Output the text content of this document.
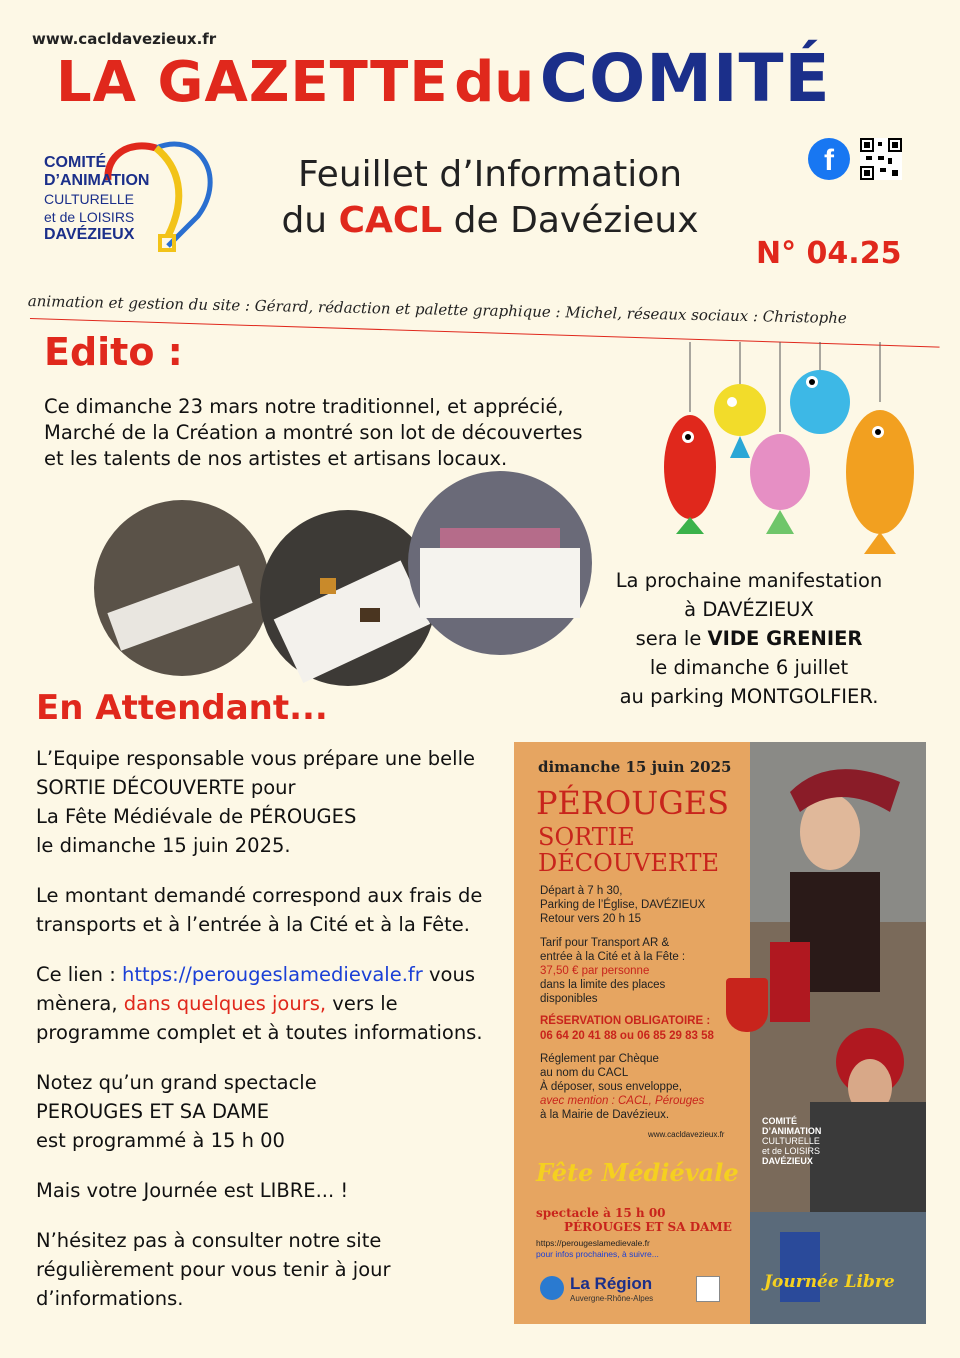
www.cacldavezieux.fr
LA GAZETTE du COMITÉ
COMITÉ
D’ANIMATION
CULTURELLE
et de LOISIRS
DAVÉZIEUX
Feuillet d’Information
du CACL de Davézieux
f
N° 04.25
animation et gestion du site : Gérard, rédaction et palette graphique : Michel, réseaux sociaux : Christophe
Edito :
Ce dimanche 23 mars notre traditionnel, et apprécié, Marché de la Création a montré son lot de découvertes et les talents de nos artistes et artisans locaux.
La prochaine manifestation
à DAVÉZIEUX
sera le VIDE GRENIER
le dimanche 6 juillet
au parking MONTGOLFIER.
En Attendant...

L’Equipe responsable vous prépare une belle
SORTIE DÉCOUVERTE pour
La Fête Médiévale de PÉROUGES
le dimanche 15 juin 2025.

Le montant demandé correspond aux frais de transports et à l’entrée à la Cité et à la Fête.

Ce lien : https://perougeslamedievale.fr vous mènera, dans quelques jours, vers le programme complet et à toutes informations.

Notez qu’un grand spectacle
PEROUGES ET SA DAME
est programmé à 15 h 00

Mais votre Journée est LIBRE... !

N’hésitez pas à consulter notre site régulièrement pour vous tenir à jour d’informations.

dimanche 15 juin 2025
PÉROUGES
SORTIE
DÉCOUVERTE
Départ à 7 h 30,
Parking de l’Église, DAVÉZIEUX
Retour vers 20 h 15
Tarif pour Transport AR &
entrée à la Cité et à la Fête :
37,50 € par personne
dans la limite des places
disponibles
RÉSERVATION OBLIGATOIRE :
06 64 20 41 88 ou 06 85 29 83 58
Réglement par Chèque
au nom du CACL
À déposer, sous enveloppe,
avec mention : CACL, Pérouges
à la Mairie de Davézieux.
www.cacldavezieux.fr
Fête Médiévale
spectacle à 15 h 00
PÉROUGES ET SA DAME
https://perougeslamedievale.fr
pour infos prochaines, à suivre...
La Région
Auvergne-Rhône-Alpes
COMITÉ
D’ANIMATION
CULTURELLE
et de LOISIRS
DAVÉZIEUX
Journée Libre
